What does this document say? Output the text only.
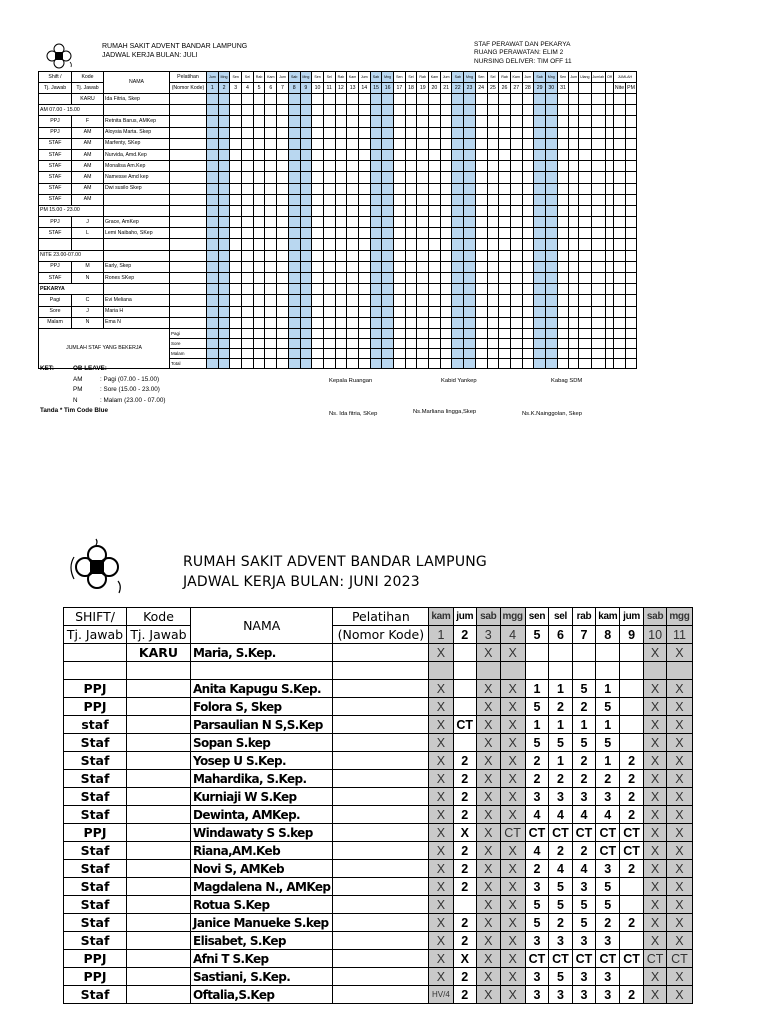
RUMAH SAKIT ADVENT BANDAR LAMPUNG
JADWAL KERJA BULAN: JULI
STAF PERAWAT DAN PEKARYA
RUANG PERAWATAN: ELIM 2
NURSING DELIVER: TIM OFF 11
Shift /	Kode	NAMA	Pelatihan	Jum	Mng	Sen	Sel	Rab	Kam	Jum	Sab	Mng	Sen	Sel	Rab	Kam	Jum	Sab	Mng	Sen	Sel	Rab	Kam	Jum	Sab	Mng	Sen	Sel	Rab	Kam	Jum	Sab	Mng	Sen	Jum	Ulang	Jumlah	Off	JUMLAH	
Tj. Jawab	Tj. Jawab		(Nomor Kode)	1	2	3	4	5	6	7	8	9	10	11	12	13	14	15	16	17	18	19	20	21	22	23	24	25	26	27	28	29	30	31					Nite	PM
	KARU	Ida Fitria, Skep																																						
AM 07.00 - 15.00																																								
PPJ	F	Retnita Barus, AMKep																																						
PPJ	AM	Aloysia Marta. Skep																																						
STAF	AM	Marfenty, SKep																																						
STAF	AM	Nurvida, Amd.Kep																																						
STAF	AM	Monalisa Am.Kep																																						
STAF	AM	Namesse Amd kep																																						
STAF	AM	Dwi susilo Skep																																						
STAF	AM																																							
PM 15.00 - 23.00																																								
PPJ	J	Grace, AmKep																																						
STAF	L	Lemi Naibaho, SKep																																						

NITE 23.00-07.00																																								
PPJ	M	Early, Skep																																						
STAF	N	Rones SKep																																						
PEKARYA																																								
Pagi	C	Evi Meliana																																						
Sore	J	Maria H																																						
Malam	N	Ema N																																						
JUMLAH STAF YANG BEKERJA			Pagi																																					
			Sore																																					
			Malam																																					
			Total																																					
KET:	OB LEAVE:
AM	: Pagi (07.00 - 15.00)
PM	: Sore (15.00 - 23.00)
N	: Malam (23.00 - 07.00)
Tanda * Tim Code Blue
Kepala Ruangan	Kabid Yankep	Kabag SDM
Ns. Ida fitria, SKep	Ns.Marliana Iingga,Skep	Ns.K.Nainggolan, Skep
RUMAH SAKIT ADVENT BANDAR LAMPUNG
JADWAL KERJA BULAN: JUNI 2023
SHIFT/	Kode	NAMA	Pelatihan	kam	jum	sab	mgg	sen	sel	rab	kam	jum	sab	mgg
Tj. Jawab	Tj. Jawab		(Nomor Kode)	1	2	3	4	5	6	7	8	9	10	11
	KARU	Maria, S.Kep.		X		X	X						X	X

PPJ		Anita Kapugu S.Kep.		X		X	X	1	1	5	1		X	X
PPJ		Folora S, Skep		X		X	X	5	2	2	5		X	X
staf		Parsaulian N S,S.Kep		X	CT	X	X	1	1	1	1		X	X
Staf		Sopan S.kep		X		X	X	5	5	5	5		X	X
Staf		Yosep U S.Kep.		X	2	X	X	2	1	2	1	2	X	X
Staf		Mahardika, S.Kep.		X	2	X	X	2	2	2	2	2	X	X
Staf		Kurniaji W S.Kep		X	2	X	X	3	3	3	3	2	X	X
Staf		Dewinta, AMKep.		X	2	X	X	4	4	4	4	2	X	X
PPJ		Windawaty S S.kep		X	X	X	CT	CT	CT	CT	CT	CT	X	X
Staf		Riana,AM.Keb		X	2	X	X	4	2	2	CT	CT	X	X
Staf		Novi S, AMKeb		X	2	X	X	2	4	4	3	2	X	X
Staf		Magdalena N., AMKep		X	2	X	X	3	5	3	5		X	X
Staf		Rotua S.Kep		X		X	X	5	5	5	5		X	X
Staf		Janice Manueke S.kep		X	2	X	X	5	2	5	2	2	X	X
Staf		Elisabet, S.Kep		X	2	X	X	3	3	3	3		X	X
PPJ		Afni T S.Kep		X	X	X	X	CT	CT	CT	CT	CT	CT	CT
PPJ		Sastiani, S.Kep.		X	2	X	X	3	5	3	3		X	X
Staf		Oftalia,S.Kep		HV/4	2	X	X	3	3	3	3	2	X	X
